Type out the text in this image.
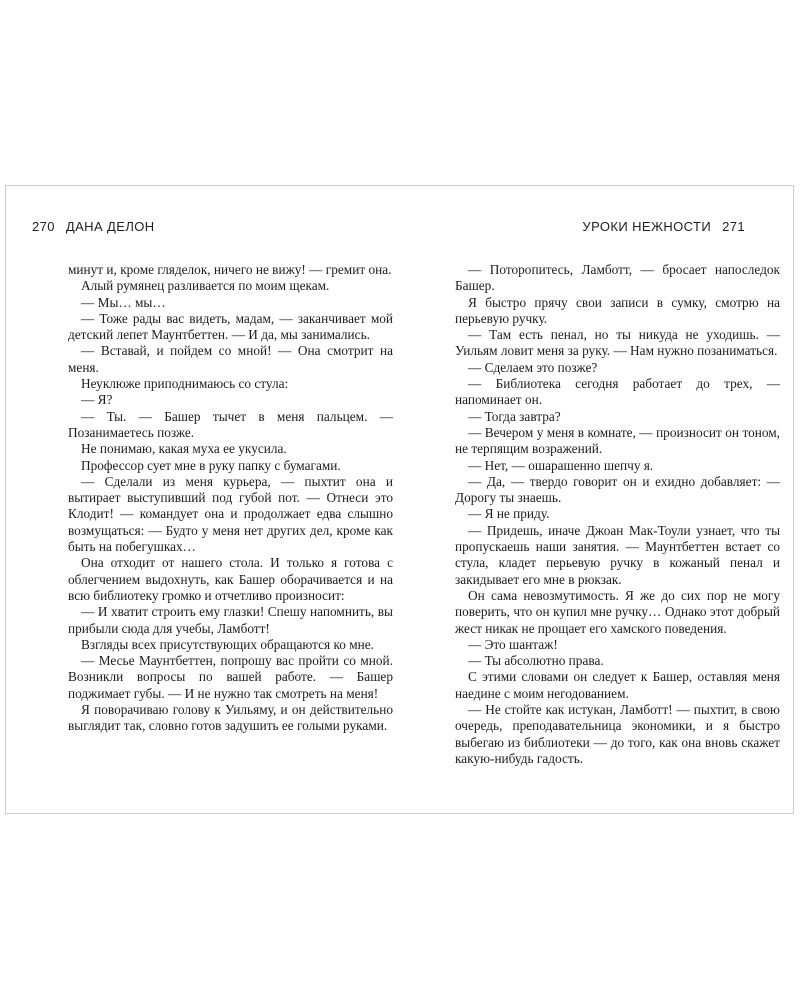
270 ДАНА ДЕЛОН	УРОКИ НЕЖНОСТИ 271

минут и, кроме гляделок, ничего не вижу! — гремит она.

Алый румянец разливается по моим щекам.

— Мы… мы…

— Тоже рады вас видеть, мадам, — заканчивает мой детский лепет Маунтбеттен. — И да, мы занимались.

— Вставай, и пойдем со мной! — Она смотрит на меня.

Неуклюже приподнимаюсь со стула:

— Я?

— Ты. — Башер тычет в меня пальцем. — Позанимаетесь позже.

Не понимаю, какая муха ее укусила.

Профессор сует мне в руку папку с бумагами.

— Сделали из меня курьера, — пыхтит она и вытирает выступивший под губой пот. — Отнеси это Клодит! — командует она и продолжает едва слышно возмущаться: — Будто у меня нет других дел, кроме как быть на побегушках…

Она отходит от нашего стола. И только я готова с облегчением выдохнуть, как Башер оборачивается и на всю библиотеку громко и отчетливо произносит:

— И хватит строить ему глазки! Спешу напомнить, вы прибыли сюда для учебы, Ламботт!

Взгляды всех присутствующих обращаются ко мне.

— Месье Маунтбеттен, попрошу вас пройти со мной. Возникли вопросы по вашей работе. — Башер поджимает губы. — И не нужно так смотреть на меня!

Я поворачиваю голову к Уильяму, и он действительно выглядит так, словно готов задушить ее голыми руками.

— Поторопитесь, Ламботт, — бросает напоследок Башер.

Я быстро прячу свои записи в сумку, смотрю на перьевую ручку.

— Там есть пенал, но ты никуда не уходишь. — Уильям ловит меня за руку. — Нам нужно позаниматься.

— Сделаем это позже?

— Библиотека сегодня работает до трех, — напоминает он.

— Тогда завтра?

— Вечером у меня в комнате, — произносит он тоном, не терпящим возражений.

— Нет, — ошарашенно шепчу я.

— Да, — твердо говорит он и ехидно добавляет: — Дорогу ты знаешь.

— Я не приду.

— Придешь, иначе Джоан Мак-Тоули узнает, что ты пропускаешь наши занятия. — Маунтбеттен встает со стула, кладет перьевую ручку в кожаный пенал и закидывает его мне в рюкзак.

Он сама невозмутимость. Я же до сих пор не могу поверить, что он купил мне ручку… Однако этот добрый жест никак не прощает его хамского поведения.

— Это шантаж!

— Ты абсолютно права.

С этими словами он следует к Башер, оставляя меня наедине с моим негодованием.

— Не стойте как истукан, Ламботт! — пыхтит, в свою очередь, преподавательница экономики, и я быстро выбегаю из библиотеки — до того, как она вновь скажет какую-нибудь гадость.
